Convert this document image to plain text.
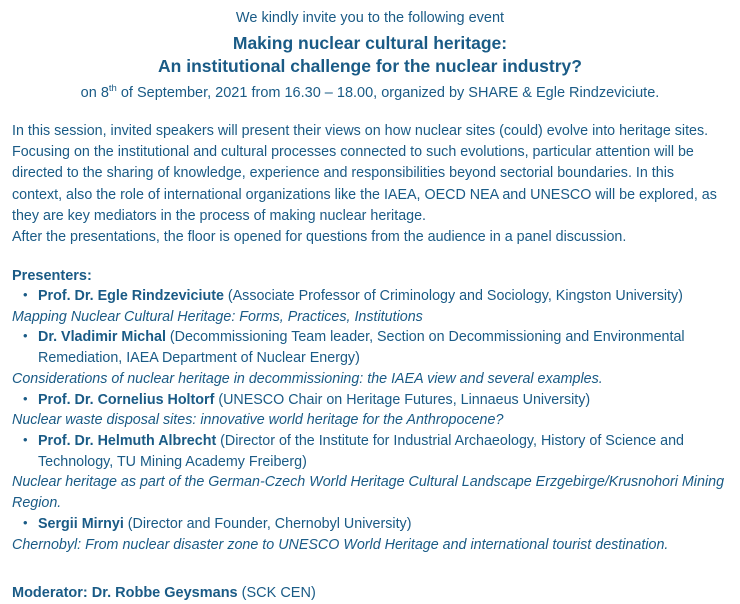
We kindly invite you to the following event
Making nuclear cultural heritage:
An institutional challenge for the nuclear industry?
on 8th of September, 2021 from 16.30 – 18.00, organized by SHARE & Egle Rindzeviciute.

In this session, invited speakers will present their views on how nuclear sites (could) evolve into heritage sites. Focusing on the institutional and cultural processes connected to such evolutions, particular attention will be directed to the sharing of knowledge, experience and responsibilities beyond sectorial boundaries. In this context, also the role of international organizations like the IAEA, OECD NEA and UNESCO will be explored, as they are key mediators in the process of making nuclear heritage.

After the presentations, the floor is opened for questions from the audience in a panel discussion.

Presenters:
• Prof. Dr. Egle Rindzeviciute (Associate Professor of Criminology and Sociology, Kingston University)
Mapping Nuclear Cultural Heritage: Forms, Practices, Institutions
• Dr. Vladimir Michal (Decommissioning Team leader, Section on Decommissioning and Environmental Remediation, IAEA Department of Nuclear Energy)
Considerations of nuclear heritage in decommissioning: the IAEA view and several examples.
• Prof. Dr. Cornelius Holtorf (UNESCO Chair on Heritage Futures, Linnaeus University)
Nuclear waste disposal sites: innovative world heritage for the Anthropocene?
• Prof. Dr. Helmuth Albrecht (Director of the Institute for Industrial Archaeology, History of Science and Technology, TU Mining Academy Freiberg)
Nuclear heritage as part of the German-Czech World Heritage Cultural Landscape Erzgebirge/Krusnohori Mining Region.
• Sergii Mirnyi (Director and Founder, Chernobyl University)
Chernobyl: From nuclear disaster zone to UNESCO World Heritage and international tourist destination.
Moderator: Dr. Robbe Geysmans (SCK CEN)
